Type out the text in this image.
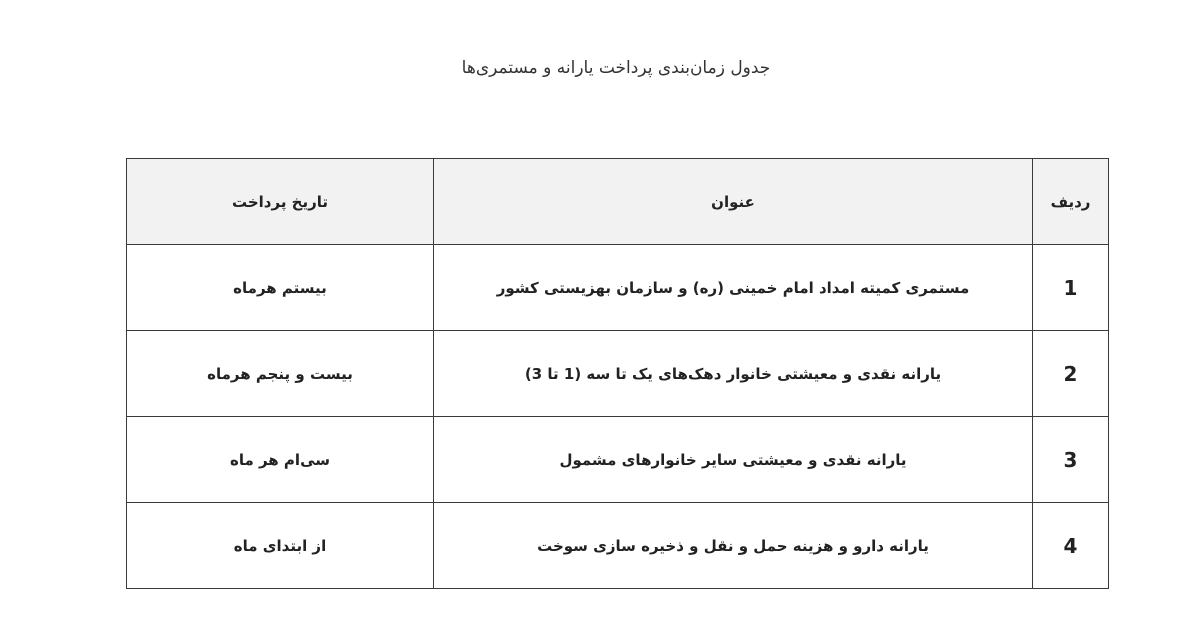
جدول زمان‌بندی پرداخت یارانه و مستمری‌ها
ردیف	عنوان	تاریخ پرداخت
1	مستمری کمیته امداد امام خمینی (ره) و سازمان بهزیستی کشور	بیستم هرماه
2	یارانه نقدی و معیشتی خانوار دهک‌های یک تا سه (1 تا 3)	بیست و پنجم هرماه
3	یارانه نقدی و معیشتی سایر خانوارهای مشمول	سی‌ام هر ماه
4	یارانه دارو و هزینه حمل و نقل و ذخیره سازی سوخت	از ابتدای ماه
